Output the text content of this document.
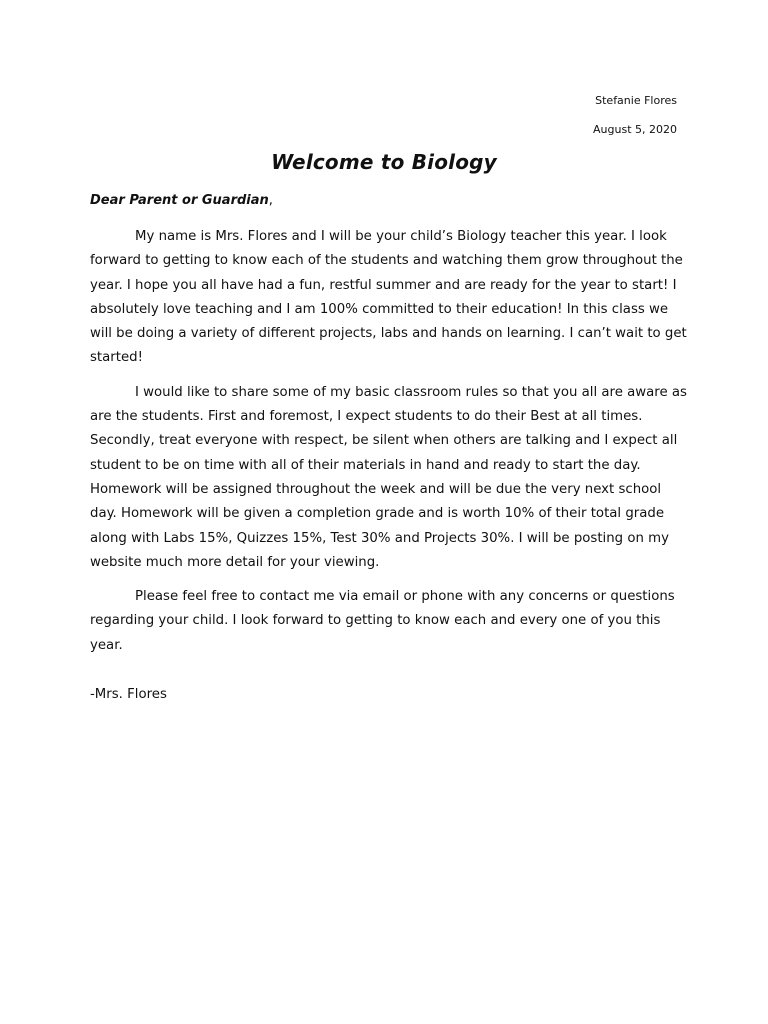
Stefanie Flores
August 5, 2020
Welcome to Biology
Dear Parent or Guardian,

My name is Mrs. Flores and I will be your child’s Biology teacher this year. I look forward to getting to know each of the students and watching them grow throughout the year. I hope you all have had a fun, restful summer and are ready for the year to start! I absolutely love teaching and I am 100% committed to their education! In this class we will be doing a variety of different projects, labs and hands on learning. I can’t wait to get started!

I would like to share some of my basic classroom rules so that you all are aware as are the students. First and foremost, I expect students to do their Best at all times. Secondly, treat everyone with respect, be silent when others are talking and I expect all student to be on time with all of their materials in hand and ready to start the day. Homework will be assigned throughout the week and will be due the very next school day. Homework will be given a completion grade and is worth 10% of their total grade along with Labs 15%, Quizzes 15%, Test 30% and Projects 30%. I will be posting on my website much more detail for your viewing.

Please feel free to contact me via email or phone with any concerns or questions regarding your child. I look forward to getting to know each and every one of you this year.

-Mrs. Flores
